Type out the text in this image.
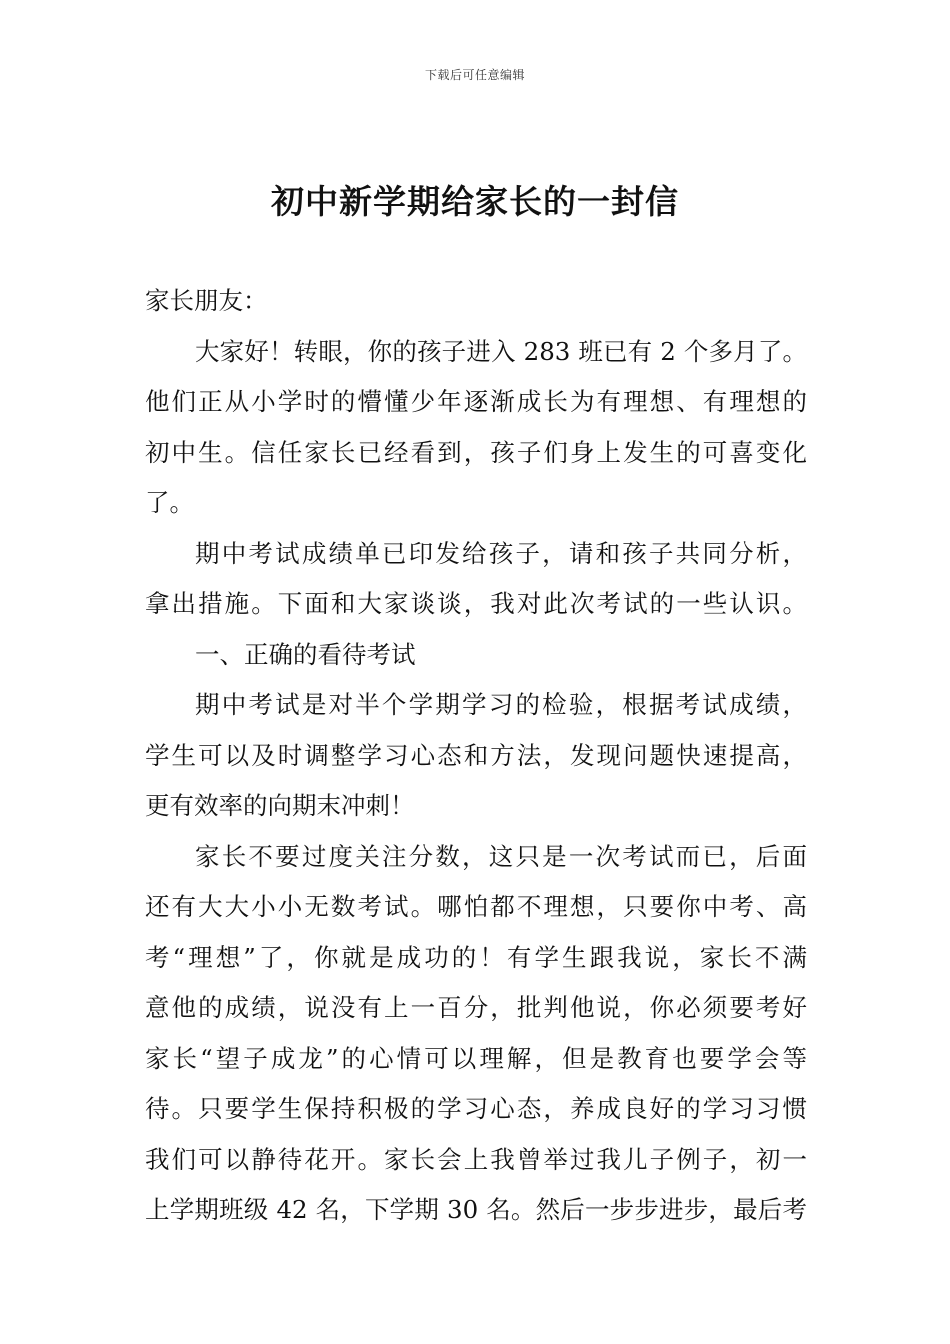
下载后可任意编辑
初中新学期给家长的一封信
家长朋友：
大家好！转眼，你的孩子进入 283 班已有 2 个多月了。
他们正从小学时的懵懂少年逐渐成长为有理想、有理想的
初中生。信任家长已经看到，孩子们身上发生的可喜变化
了。
期中考试成绩单已印发给孩子，请和孩子共同分析，
拿出措施。下面和大家谈谈，我对此次考试的一些认识。
一、正确的看待考试
期中考试是对半个学期学习的检验，根据考试成绩，
学生可以及时调整学习心态和方法，发现问题快速提高，
更有效率的向期末冲刺！
家长不要过度关注分数，这只是一次考试而已，后面
还有大大小小无数考试。哪怕都不理想，只要你中考、高
考“理想”了，你就是成功的！有学生跟我说，家长不满
意他的成绩，说没有上一百分，批判他说，你必须要考好
家长“望子成龙”的心情可以理解，但是教育也要学会等
待。只要学生保持积极的学习心态，养成良好的学习习惯
我们可以静待花开。家长会上我曾举过我儿子例子，初一
上学期班级 42 名，下学期 30 名。然后一步步进步，最后考
